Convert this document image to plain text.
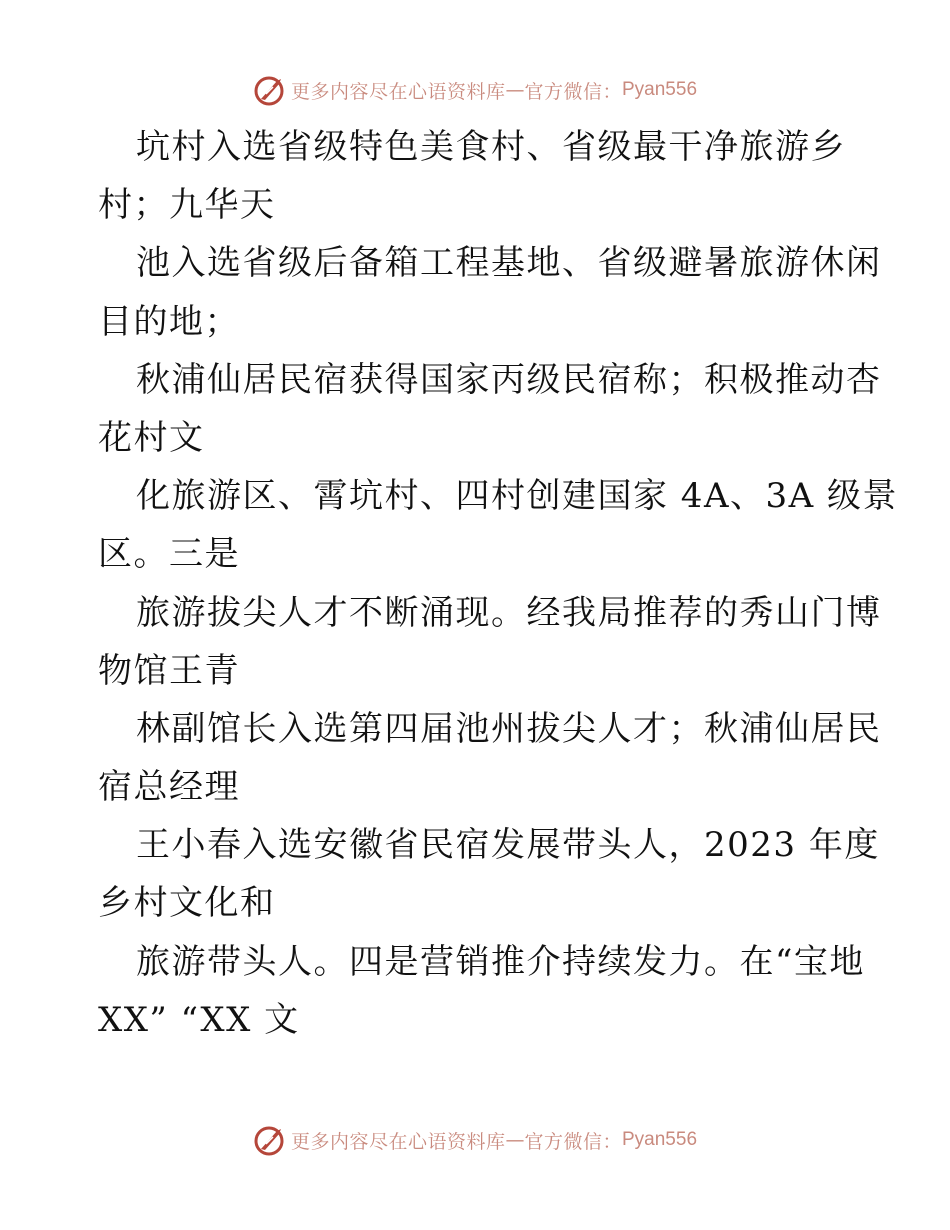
更多内容尽在心语资料库 — 官方微信： Pyan556
坑村入选省级特色美食村、省级最干净旅游乡
村；九华天
池入选省级后备箱工程基地、省级避暑旅游休闲
目的地；
秋浦仙居民宿获得国家丙级民宿称；积极推动杏
花村文
化旅游区、霄坑村、四村创建国家 4A、3A 级景
区。三是
旅游拔尖人才不断涌现。经我局推荐的秀山门博
物馆王青
林副馆长入选第四届池州拔尖人才；秋浦仙居民
宿总经理
王小春入选安徽省民宿发展带头人，2023 年度
乡村文化和
旅游带头人。四是营销推介持续发力。在“宝地
XX” “XX 文
更多内容尽在心语资料库 — 官方微信： Pyan556
